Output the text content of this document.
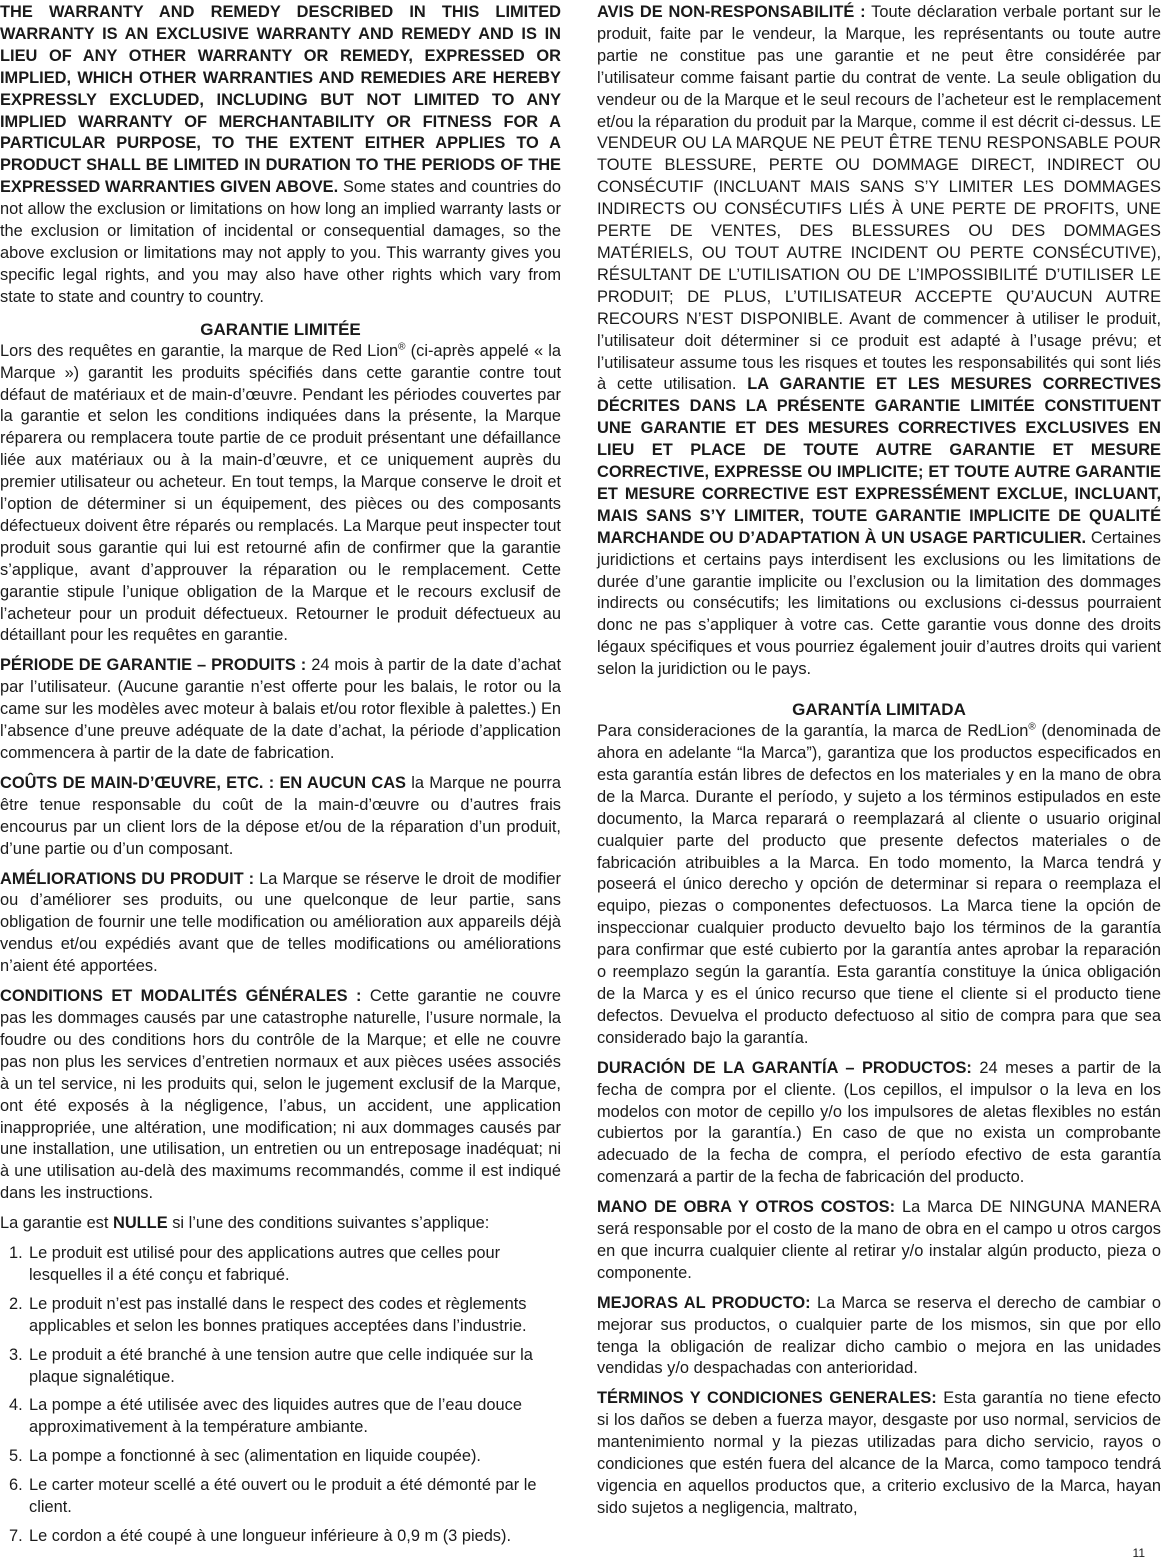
THE WARRANTY AND REMEDY DESCRIBED IN THIS LIMITED WARRANTY IS AN EXCLUSIVE WARRANTY AND REMEDY AND IS IN LIEU OF ANY OTHER WARRANTY OR REMEDY, EXPRESSED OR IMPLIED, WHICH OTHER WARRANTIES AND REMEDIES ARE HEREBY EXPRESSLY EXCLUDED, INCLUDING BUT NOT LIMITED TO ANY IMPLIED WARRANTY OF MERCHANTABILITY OR FITNESS FOR A PARTICULAR PURPOSE, TO THE EXTENT EITHER APPLIES TO A PRODUCT SHALL BE LIMITED IN DURATION TO THE PERIODS OF THE EXPRESSED WARRANTIES GIVEN ABOVE. Some states and countries do not allow the exclusion or limitations on how long an implied warranty lasts or the exclusion or limitation of incidental or consequential damages, so the above exclusion or limitations may not apply to you. This warranty gives you specific legal rights, and you may also have other rights which vary from state to state and country to country.

GARANTIE LIMITÉE

Lors des requêtes en garantie, la marque de Red Lion® (ci-après appelé « la Marque ») garantit les produits spécifiés dans cette garantie contre tout défaut de matériaux et de main-d’œuvre. Pendant les périodes couvertes par la garantie et selon les conditions indiquées dans la présente, la Marque réparera ou remplacera toute partie de ce produit présentant une défaillance liée aux matériaux ou à la main-d’œuvre, et ce uniquement auprès du premier utilisateur ou acheteur. En tout temps, la Marque conserve le droit et l’option de déterminer si un équipement, des pièces ou des composants défectueux doivent être réparés ou remplacés. La Marque peut inspecter tout produit sous garantie qui lui est retourné afin de confirmer que la garantie s’applique, avant d’approuver la réparation ou le remplacement. Cette garantie stipule l’unique obligation de la Marque et le recours exclusif de l’acheteur pour un produit défectueux. Retourner le produit défectueux au détaillant pour les requêtes en garantie.

PÉRIODE DE GARANTIE – PRODUITS : 24 mois à partir de la date d’achat par l’utilisateur. (Aucune garantie n’est offerte pour les balais, le rotor ou la came sur les modèles avec moteur à balais et/ou rotor flexible à palettes.) En l’absence d’une preuve adéquate de la date d’achat, la période d’application commencera à partir de la date de fabrication.

COÛTS DE MAIN-D’ŒUVRE, ETC. : EN AUCUN CAS la Marque ne pourra être tenue responsable du coût de la main-d’œuvre ou d’autres frais encourus par un client lors de la dépose et/ou de la réparation d’un produit, d’une partie ou d’un composant.

AMÉLIORATIONS DU PRODUIT : La Marque se réserve le droit de modifier ou d’améliorer ses produits, ou une quelconque de leur partie, sans obligation de fournir une telle modification ou amélioration aux appareils déjà vendus et/ou expédiés avant que de telles modifications ou améliorations n’aient été apportées.

CONDITIONS ET MODALITÉS GÉNÉRALES : Cette garantie ne couvre pas les dommages causés par une catastrophe naturelle, l’usure normale, la foudre ou des conditions hors du contrôle de la Marque; et elle ne couvre pas non plus les services d’entretien normaux et aux pièces usées associés à un tel service, ni les produits qui, selon le jugement exclusif de la Marque, ont été exposés à la négligence, l’abus, un accident, une application inappropriée, une altération, une modification; ni aux dommages causés par une installation, une utilisation, un entretien ou un entreposage inadéquat; ni à une utilisation au-delà des maximums recommandés, comme il est indiqué dans les instructions.

La garantie est NULLE si l’une des conditions suivantes s’applique:

1. Le produit est utilisé pour des applications autres que celles pour lesquelles il a été conçu et fabriqué.
2. Le produit n’est pas installé dans le respect des codes et règlements applicables et selon les bonnes pratiques acceptées dans l’industrie.
3. Le produit a été branché à une tension autre que celle indiquée sur la plaque signalétique.
4. La pompe a été utilisée avec des liquides autres que de l’eau douce approximativement à la température ambiante.
5. La pompe a fonctionné à sec (alimentation en liquide coupée).
6. Le carter moteur scellé a été ouvert ou le produit a été démonté par le client.
7. Le cordon a été coupé à une longueur inférieure à 0,9 m (3 pieds).

AVIS DE NON-RESPONSABILITÉ : Toute déclaration verbale portant sur le produit, faite par le vendeur, la Marque, les représentants ou toute autre partie ne constitue pas une garantie et ne peut être considérée par l’utilisateur comme faisant partie du contrat de vente. La seule obligation du vendeur ou de la Marque et le seul recours de l’acheteur est le remplacement et/ou la réparation du produit par la Marque, comme il est décrit ci-dessus. LE VENDEUR OU LA MARQUE NE PEUT ÊTRE TENU RESPONSABLE POUR TOUTE BLESSURE, PERTE OU DOMMAGE DIRECT, INDIRECT OU CONSÉCUTIF (INCLUANT MAIS SANS S’Y LIMITER LES DOMMAGES INDIRECTS OU CONSÉCUTIFS LIÉS À UNE PERTE DE PROFITS, UNE PERTE DE VENTES, DES BLESSURES OU DES DOMMAGES MATÉRIELS, OU TOUT AUTRE INCIDENT OU PERTE CONSÉCUTIVE), RÉSULTANT DE L’UTILISATION OU DE L’IMPOSSIBILITÉ D’UTILISER LE PRODUIT; DE PLUS, L’UTILISATEUR ACCEPTE QU’AUCUN AUTRE RECOURS N’EST DISPONIBLE. Avant de commencer à utiliser le produit, l’utilisateur doit déterminer si ce produit est adapté à l’usage prévu; et l’utilisateur assume tous les risques et toutes les responsabilités qui sont liés à cette utilisation. LA GARANTIE ET LES MESURES CORRECTIVES DÉCRITES DANS LA PRÉSENTE GARANTIE LIMITÉE CONSTITUENT UNE GARANTIE ET DES MESURES CORRECTIVES EXCLUSIVES EN LIEU ET PLACE DE TOUTE AUTRE GARANTIE ET MESURE CORRECTIVE, EXPRESSE OU IMPLICITE; ET TOUTE AUTRE GARANTIE ET MESURE CORRECTIVE EST EXPRESSÉMENT EXCLUE, INCLUANT, MAIS SANS S’Y LIMITER, TOUTE GARANTIE IMPLICITE DE QUALITÉ MARCHANDE OU D’ADAPTATION À UN USAGE PARTICULIER. Certaines juridictions et certains pays interdisent les exclusions ou les limitations de durée d’une garantie implicite ou l’exclusion ou la limitation des dommages indirects ou consécutifs; les limitations ou exclusions ci-dessus pourraient donc ne pas s’appliquer à votre cas. Cette garantie vous donne des droits légaux spécifiques et vous pourriez également jouir d’autres droits qui varient selon la juridiction ou le pays.

GARANTÍA LIMITADA

Para consideraciones de la garantía, la marca de RedLion® (denominada de ahora en adelante “la Marca”), garantiza que los productos especificados en esta garantía están libres de defectos en los materiales y en la mano de obra de la Marca. Durante el período, y sujeto a los términos estipulados en este documento, la Marca reparará o reemplazará al cliente o usuario original cualquier parte del producto que presente defectos materiales o de fabricación atribuibles a la Marca. En todo momento, la Marca tendrá y poseerá el único derecho y opción de determinar si repara o reemplaza el equipo, piezas o componentes defectuosos. La Marca tiene la opción de inspeccionar cualquier producto devuelto bajo los términos de la garantía para confirmar que esté cubierto por la garantía antes aprobar la reparación o reemplazo según la garantía. Esta garantía constituye la única obligación de la Marca y es el único recurso que tiene el cliente si el producto tiene defectos. Devuelva el producto defectuoso al sitio de compra para que sea considerado bajo la garantía.

DURACIÓN DE LA GARANTÍA – PRODUCTOS: 24 meses a partir de la fecha de compra por el cliente. (Los cepillos, el impulsor o la leva en los modelos con motor de cepillo y/o los impulsores de aletas flexibles no están cubiertos por la garantía.) En caso de que no exista un comprobante adecuado de la fecha de compra, el período efectivo de esta garantía comenzará a partir de la fecha de fabricación del producto.

MANO DE OBRA Y OTROS COSTOS: La Marca DE NINGUNA MANERA será responsable por el costo de la mano de obra en el campo u otros cargos en que incurra cualquier cliente al retirar y/o instalar algún producto, pieza o componente.

MEJORAS AL PRODUCTO: La Marca se reserva el derecho de cambiar o mejorar sus productos, o cualquier parte de los mismos, sin que por ello tenga la obligación de realizar dicho cambio o mejora en las unidades vendidas y/o despachadas con anterioridad.

TÉRMINOS Y CONDICIONES GENERALES: Esta garantía no tiene efecto si los daños se deben a fuerza mayor, desgaste por uso normal, servicios de mantenimiento normal y la piezas utilizadas para dicho servicio, rayos o condiciones que estén fuera del alcance de la Marca, como tampoco tendrá vigencia en aquellos productos que, a criterio exclusivo de la Marca, hayan sido sujetos a negligencia, maltrato,

11
